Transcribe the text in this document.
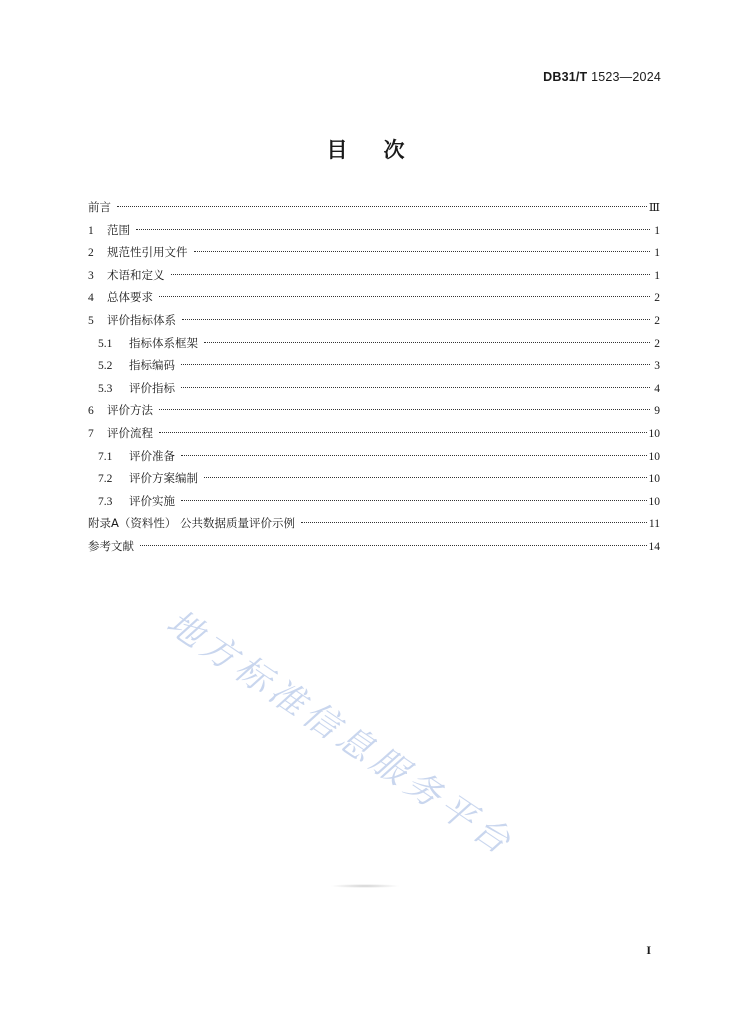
DB31/T 1523—2024
目 次
前言	Ⅲ
1	范围	1
2	规范性引用文件	1
3	术语和定义	1
4	总体要求	2
5	评价指标体系	2
5.1	指标体系框架	2
5.2	指标编码	3
5.3	评价指标	4
6	评价方法	9
7	评价流程	10
7.1	评价准备	10
7.2	评价方案编制	10
7.3	评价实施	10
附录A（资料性） 公共数据质量评价示例	11
参考文献	14
地方标准信息服务平台
I
